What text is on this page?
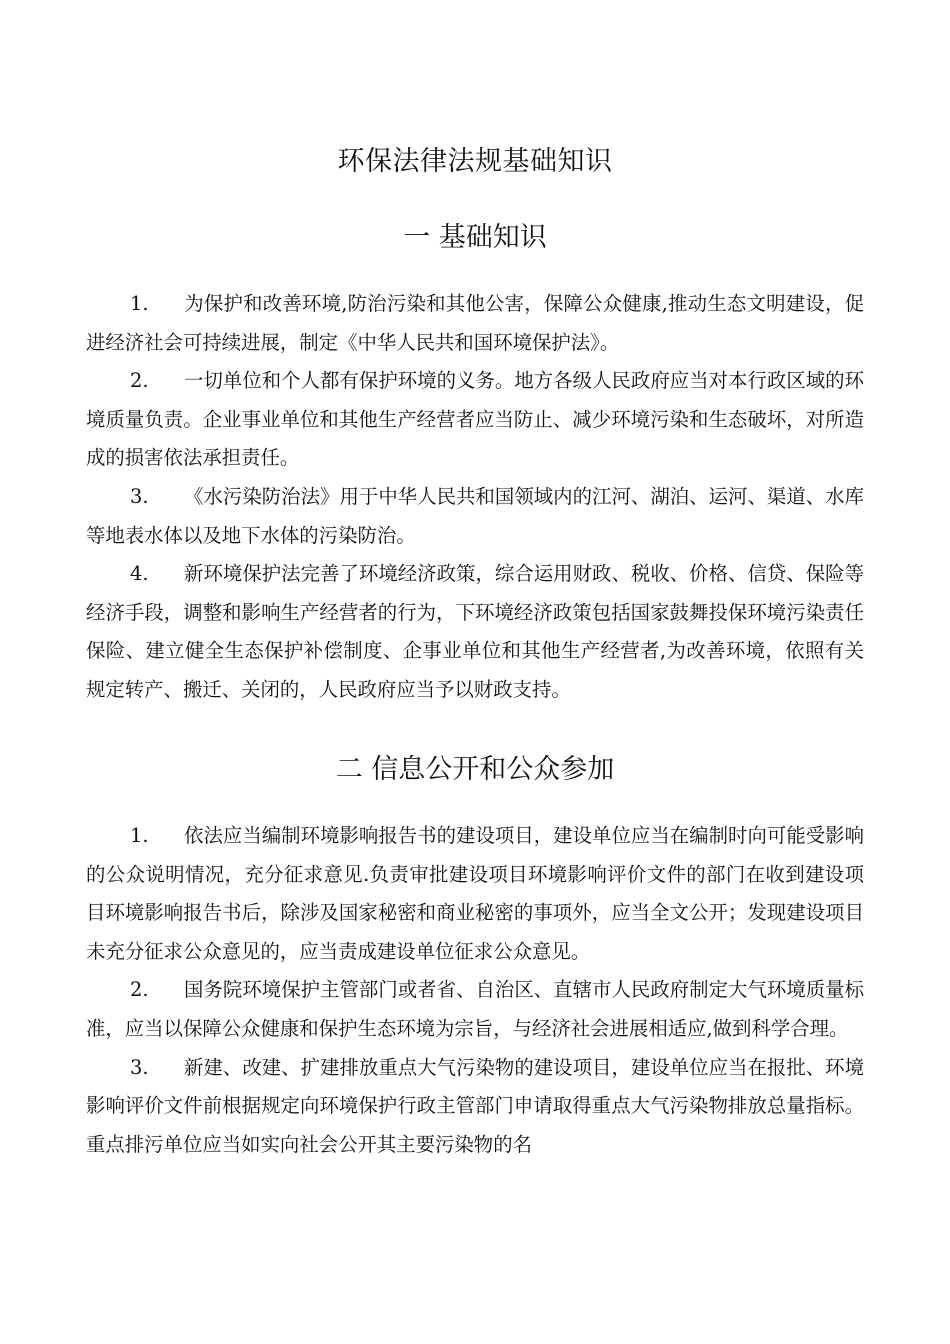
环保法律法规基础知识
一 基础知识

1. 为保护和改善环境,防治污染和其他公害，保障公众健康,推动生态文明建设，促进经济社会可持续进展，制定《中华人民共和国环境保护法》。

2. 一切单位和个人都有保护环境的义务。地方各级人民政府应当对本行政区域的环境质量负责。企业事业单位和其他生产经营者应当防止、减少环境污染和生态破坏，对所造成的损害依法承担责任。

3. 《水污染防治法》用于中华人民共和国领域内的江河、湖泊、运河、渠道、水库等地表水体以及地下水体的污染防治。

4. 新环境保护法完善了环境经济政策，综合运用财政、税收、价格、信贷、保险等经济手段，调整和影响生产经营者的行为，下环境经济政策包括国家鼓舞投保环境污染责任保险、建立健全生态保护补偿制度、企事业单位和其他生产经营者,为改善环境，依照有关规定转产、搬迁、关闭的，人民政府应当予以财政支持。

二 信息公开和公众参加

1. 依法应当编制环境影响报告书的建设项目，建设单位应当在编制时向可能受影响的公众说明情况，充分征求意见.负责审批建设项目环境影响评价文件的部门在收到建设项目环境影响报告书后，除涉及国家秘密和商业秘密的事项外，应当全文公开；发现建设项目未充分征求公众意见的，应当责成建设单位征求公众意见。

2. 国务院环境保护主管部门或者省、自治区、直辖市人民政府制定大气环境质量标准，应当以保障公众健康和保护生态环境为宗旨，与经济社会进展相适应,做到科学合理。

3. 新建、改建、扩建排放重点大气污染物的建设项目，建设单位应当在报批、环境影响评价文件前根据规定向环境保护行政主管部门申请取得重点大气污染物排放总量指标。重点排污单位应当如实向社会公开其主要污染物的名
